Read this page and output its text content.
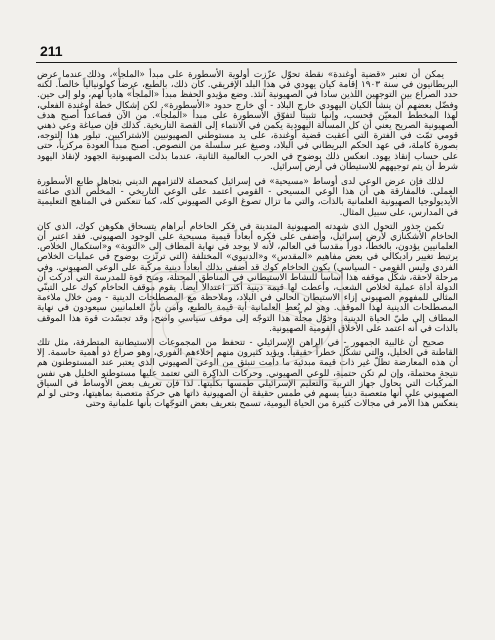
211

يمكن أن تعتبر «قضية أوغندة» نقطة تحوّل عزّزت أولوية الأسطورة على مبدأ «الملجأ»، وذلك عندما عرض البريطانيون في سنة ١٩٠٣ إقامة كيان يهودي في هذا البلد الإفريقي. كان ذلك، بالطبع، عرضاً كولونيالياً خالصاً. لكنه حدد الصراع بين التوجهين اللذين سادا في الصهيونية آنئذ. وضع مؤيدو الحفظ مبدأ «الملجأ» هادياً لهم، ولو إلى حين. وفضّل بعضهم أن ينشأ الكيان اليهودي خارج البلاد - أي خارج حدود «الأسطورة». لكن إشكال خطة أوغندة الفعلي، لهذا المخطط المعيّن فحسب، وإنما تثبيتاً لتفوّق الأسطورة على مبدأ «الملجأ». من الآن فصاعداً أصبح هدف الصهيونية الصريح يعني أن كل المسألة اليهودية يكمن في الانتماء إلى القصة التاريخية. كذلك فإن صياغة وعي ذهني قومي تمّت في الفترة التي أعقبت قضية أوغندة، على يد مستوطني الصهيونيين الاشتراكيين. تبلور هذا التوجه، بصورة كاملة، في عهد الحكم البريطاني في البلاد، وصيغ عبر سلسلة من النصوص. أصبح مبدأ العودة مركزياً، حتى على حساب إنقاذ يهود. انعكس ذلك بوضوح في الحرب العالمية الثانية، عندما بذلت الصهيونية الجهود لإنقاذ اليهود شرط أن يتم توجيههم للاستيطان في أرض إسرائيل.

لذلك فإن عرض الوعي لدى أوساط «مسيحية» في إسرائيل كمحصلة لالتزامهم الديني بتجاهل طابع الأسطورة العملي. فالمفارقة هي أن هذا الوعي المسيحي - القومي اعتمد على الوعي التاريخي - المخلّص الذي صاغته الأيديولوجيا الصهيونية العلمانية بالذات، والتي ما تزال تصوغ الوعي الصهيوني كله، كما تنعكس في المناهج التعليمية في المدارس، على سبيل المثال.

تكمن جذور التحول الذي شهدته الصهيونية المتدينة في فكر الحاخام أبراهام يتسحاق هكوهن كوك، الذي كان الحاخام الأشكنازي لأرض إسرائيل، وأضفى على فكره أبعاداً قيمية مسيحية على الوجود الصهيوني. فقد اعتبر أن العلمانيين يؤدون، بالخطأ، دوراً مقدساً في العالم، لأنه لا يوجد في نهاية المطاف إلى «التوبة» و«استكمال الخلاص. يرتبط تغيير راديكالي في بعض مفاهيم «المقدس» و«الدنيوي» المختلفة (التي ترتّزت بوضوح في عمليات الخلاص الفردي وليس القومي - السياسي) يكون الحاخام كوك قد أضفى بذلك أبعاداً دينية مركّبة على الوعي الصهيوني. وفي مرحلة لاحقة، شكّل موقفه هذا أساساً للنشاط الاستيطاني في المناطق المحتلة، ومنح قوة للمدرسة التي أدركت أن الدولة أداة عملية لخلاص الشعب، وأعطت لها قيمة دينية أكثر اعتدالاً أيضاً. يقوم موقف الحاخام كوك على التبنّي المثالي للمفهوم الصهيوني إزاء الاستيطان الحالي في البلاد، وملاحظة مع المصطلحات الدينية - ومن خلال ملاءمة المصطلحات الدينية لهذا الموقف. وهو لم يُعطِ العلمانية أية قيمة بالطبع، وآمن بأنّ العلمانيين سيعودون في نهاية المطاف إلى طيّ الحياة الدينية. وحوّل مجلّة هذا التوجّه إلى موقف سياسي واضح، وقد تجسّدت قوة هذا الموقف بالذات في أنه اعتمد على الأخلاق القومية الصهيونية.

صحيح أن غالبية الجمهور - في الراهن الإسرائيلي - تتحفظ من المجموعات الاستيطانية المتطرفة، مثل تلك القاطنة في الخليل، والتي تشكّل خطراً حقيقياً. ويؤيد كثيرون منهم إخلاءهم الفوري، وهو صراع ذو أهمية حاسمة. إلا أن هذه المعارضة تظلّ غير ذات قيمة مبدئية ما دامت تنبثق من الوعي الصهيوني الذي يعتبر عند المستوطنون هم نتيجة محتملة، وإن لم تكن حتمية، للوعي الصهيوني. وحركات الذاكرة التي تعتمد عليها مستوطنو الخليل هي نفس المركّبات التي يحاول جهاز التربية والتعليم الإسرائيلي طمسها بكلّيتها. لذا فإن تعريف بعض الأوساط في السياق الصهيوني على أنها متعصبة دينياً يسهم في طمس حقيقة أن الصهيونية ذاتها هي حركة متعصبة بماهيتها، وحتى لو لم ينعكس هذا الأمر في مجالات كثيرة من الحياة اليومية، تسمح بتعريف بعض التوجّهات بأنها علمانية وحتى
